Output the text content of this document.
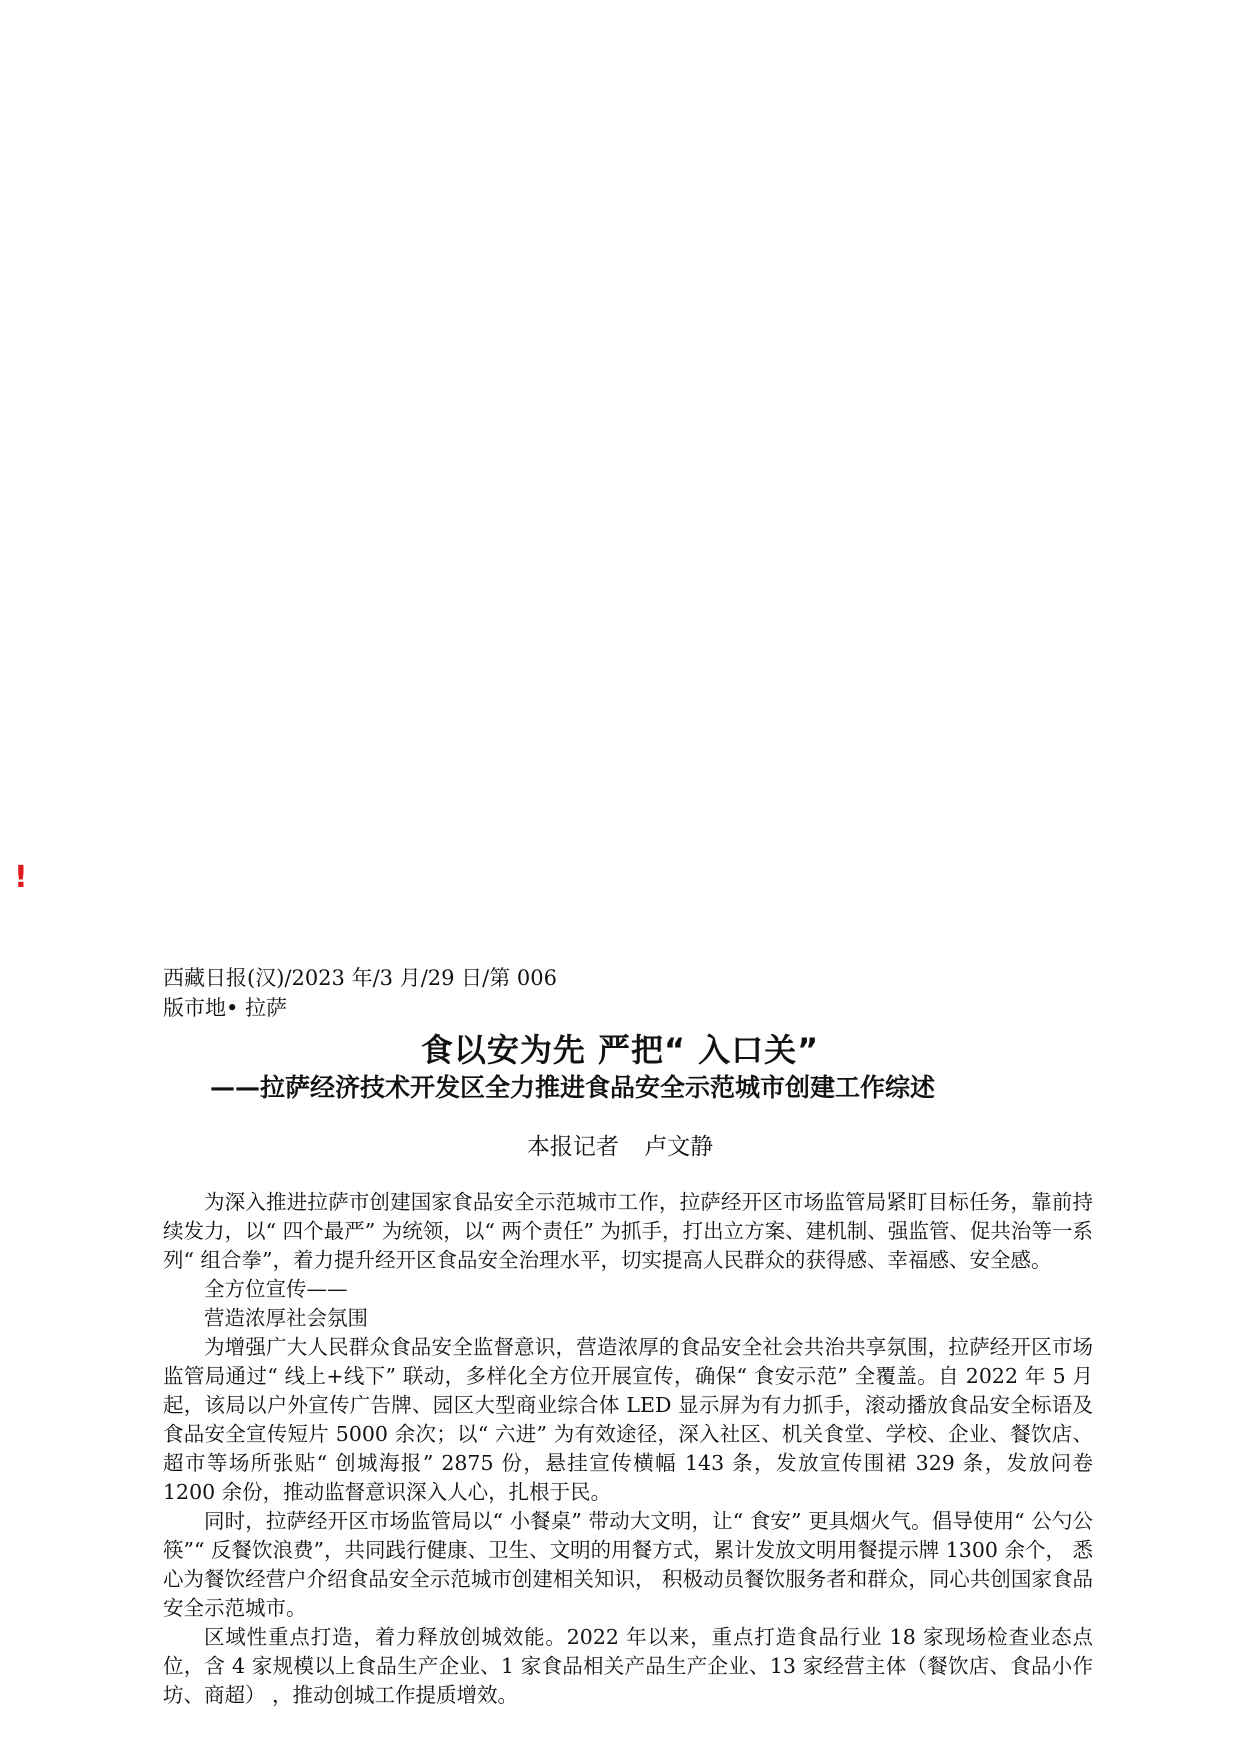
!
西藏日报(汉)/2023 年/3 月/29 日/第 006
版市地• 拉萨
食以安为先 严把“ 入口关”
——拉萨经济技术开发区全力推进食品安全示范城市创建工作综述
本报记者 卢文静

为深入推进拉萨市创建国家食品安全示范城市工作，拉萨经开区市场监管局紧盯目标任务，靠前持续发力，以“ 四个最严” 为统领，以“ 两个责任” 为抓手，打出立方案、建机制、强监管、促共治等一系列“ 组合拳”，着力提升经开区食品安全治理水平，切实提高人民群众的获得感、幸福感、安全感。

全方位宣传——

营造浓厚社会氛围

为增强广大人民群众食品安全监督意识，营造浓厚的食品安全社会共治共享氛围，拉萨经开区市场监管局通过“ 线上+线下” 联动，多样化全方位开展宣传，确保“ 食安示范” 全覆盖。自 2022 年 5 月起，该局以户外宣传广告牌、园区大型商业综合体 LED 显示屏为有力抓手，滚动播放食品安全标语及食品安全宣传短片 5000 余次；以“ 六进” 为有效途径，深入社区、机关食堂、学校、企业、餐饮店、超市等场所张贴“ 创城海报” 2875 份，悬挂宣传横幅 143 条，发放宣传围裙 329 条，发放问卷 1200 余份，推动监督意识深入人心，扎根于民。

同时，拉萨经开区市场监管局以“ 小餐桌” 带动大文明，让“ 食安” 更具烟火气。倡导使用“ 公勺公筷”“ 反餐饮浪费”，共同践行健康、卫生、文明的用餐方式，累计发放文明用餐提示牌 1300 余个， 悉心为餐饮经营户介绍食品安全示范城市创建相关知识， 积极动员餐饮服务者和群众，同心共创国家食品安全示范城市。

区域性重点打造，着力释放创城效能。2022 年以来，重点打造食品行业 18 家现场检查业态点位，含 4 家规模以上食品生产企业、1 家食品相关产品生产企业、13 家经营主体（餐饮店、食品小作坊、商超） ，推动创城工作提质增效。
